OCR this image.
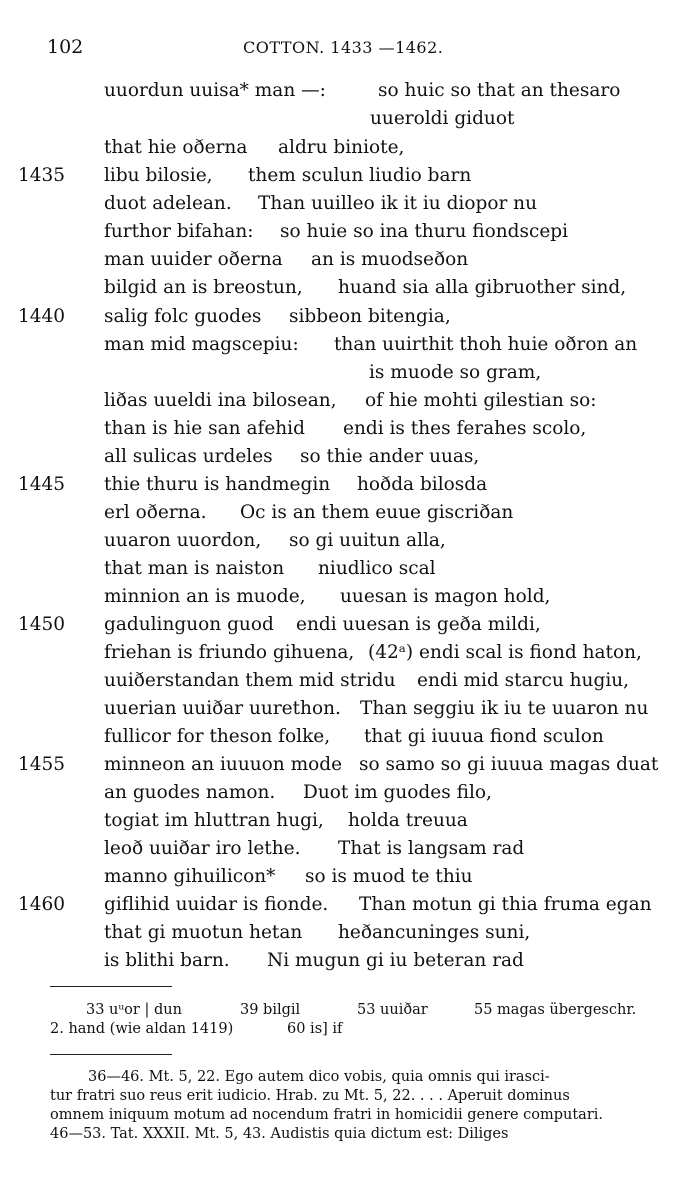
102	COTTON. 1433 —1462.
uuordun uuisa* man —:	so huic so that an thesaro
uueroldi giduot
that hie oðerna aldru biniote,
1435 libu bilosie, them sculun liudio barn
duot adelean. Than uuilleo ik it iu diopor nu
furthor bifahan: so huie so ina thuru fiondscepi
man uuider oðerna an is muodseðon
bilgid an is breostun, huand sia alla gibruother sind,
1440 salig folc guodes sibbeon bitengia,
man mid magscepiu: than uuirthit thoh huie oðron an
is muode so gram,
liðas uueldi ina bilosean, of hie mohti gilestian so:
than is hie san afehid endi is thes ferahes scolo,
all sulicas urdeles so thie ander uuas,
1445 thie thuru is handmegin hoðda bilosda
erl oðerna. Oc is an them euue giscriðan
uuaron uuordon, so gi uuitun alla,
that man is naiston niudlico scal
minnion an is muode, uuesan is magon hold,
1450 gadulinguon guod endi uuesan is geða mildi,
friehan is friundo gihuena, (42ᵃ) endi scal is fiond haton,
uuiðerstandan them mid stridu endi mid starcu hugiu,
uuerian uuiðar uurethon. Than seggiu ik iu te uuaron nu
fullicor for theson folke, that gi iuuua fiond sculon
1455 minneon an iuuuon mode so samo so gi iuuua magas duat
an guodes namon. Duot im guodes filo,
togiat im hluttran hugi, holda treuua
leoð uuiðar iro lethe. That is langsam rad
manno gihuilicon* so is muod te thiu
1460 giflihid uuidar is fionde. Than motun gi thia fruma egan
that gi muotun hetan heðancuninges suni,
is blithi barn. Ni mugun gi iu beteran rad
33 uᵘor | dun	39 bilgil	53 uuiðar	55 magas übergeschr.
2. hand (wie aldan 1419)	60 is] if
36—46. Mt. 5, 22. Ego autem dico vobis, quia omnis qui irasci-
tur fratri suo reus erit iudicio. Hrab. zu Mt. 5, 22. . . . Aperuit dominus
omnem iniquum motum ad nocendum fratri in homicidii genere computari.
46—53. Tat. XXXII. Mt. 5, 43. Audistis quia dictum est: Diliges
